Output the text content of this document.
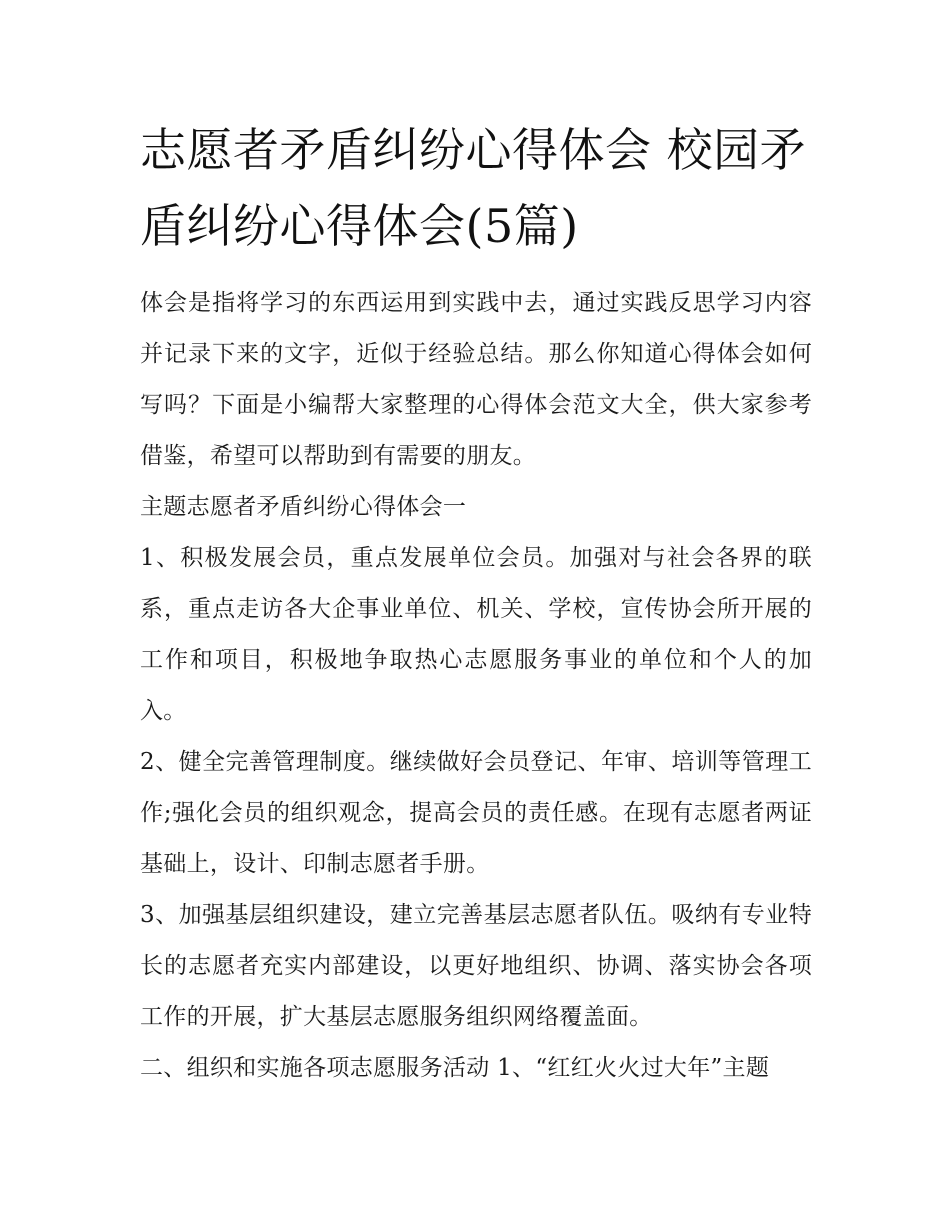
志愿者矛盾纠纷心得体会 校园矛盾纠纷心得体会(5篇)

体会是指将学习的东西运用到实践中去，通过实践反思学习内容并记录下来的文字，近似于经验总结。那么你知道心得体会如何写吗？下面是小编帮大家整理的心得体会范文大全，供大家参考借鉴，希望可以帮助到有需要的朋友。

主题志愿者矛盾纠纷心得体会一

1、积极发展会员，重点发展单位会员。加强对与社会各界的联系，重点走访各大企事业单位、机关、学校，宣传协会所开展的工作和项目，积极地争取热心志愿服务事业的单位和个人的加入。

2、健全完善管理制度。继续做好会员登记、年审、培训等管理工作;强化会员的组织观念，提高会员的责任感。在现有志愿者两证基础上，设计、印制志愿者手册。

3、加强基层组织建设，建立完善基层志愿者队伍。吸纳有专业特长的志愿者充实内部建设，以更好地组织、协调、落实协会各项工作的开展，扩大基层志愿服务组织网络覆盖面。

二、组织和实施各项志愿服务活动 1、“红红火火过大年”主题
